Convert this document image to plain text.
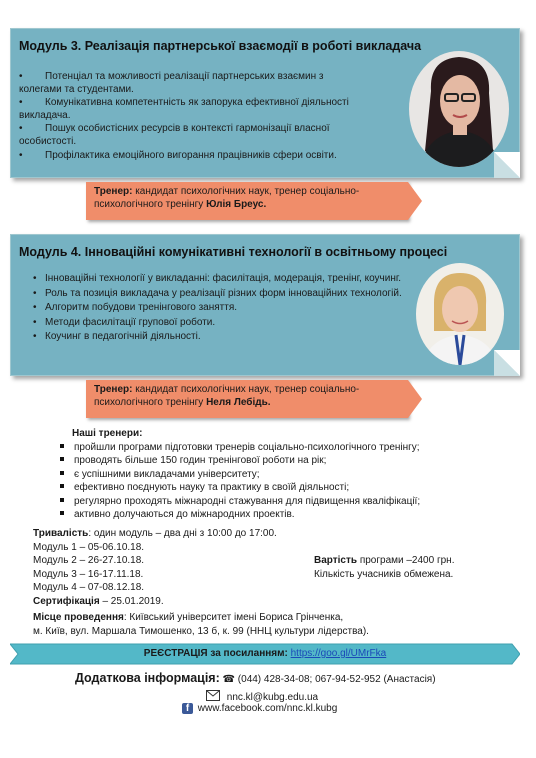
Модуль 3. Реалізація партнерської взаємодії в роботі викладача
• Потенціал та можливості реалізації партнерських взаємин з колегами та студентами.
• Комунікативна компетентність як запорука ефективної діяльності викладача.
• Пошук особистісних ресурсів в контексті гармонізації власної особистості.
• Профілактика емоційного вигорання працівників сфери освіти.
Тренер: кандидат психологічних наук, тренер соціально-психологічного тренінгу Юлія Бреус.
Модуль 4. Інноваційні комунікативні технології в освітньому процесі
• Інноваційні технології у викладанні: фасилітація, модерація, тренінг, коучинг.
• Роль та позиція викладача у реалізації різних форм інноваційних технологій.
• Алгоритм побудови тренінгового заняття.
• Методи фасилітації групової роботи.
• Коучинг в педагогічній діяльності.
Тренер: кандидат психологічних наук, тренер соціально-психологічного тренінгу Неля Лебідь.
Наші тренери:
пройшли програми підготовки тренерів соціально-психологічного тренінгу;
проводять більше 150 годин тренінгової роботи на рік;
є успішними викладачами університету;
ефективно поєднують науку та практику в своїй діяльності;
регулярно проходять міжнародні стажування для підвищення кваліфікації;
активно долучаються до міжнародних проектів.
Тривалість: один модуль – два дні з 10:00 до 17:00.
Модуль 1 – 05-06.10.18.
Модуль 2 – 26-27.10.18.
Модуль 3 – 16-17.11.18.
Модуль 4 – 07-08.12.18.
Сертифікація – 25.01.2019.
Вартість програми –2400 грн.
Кількість учасників обмежена.
Місце проведення: Київський університет імені Бориса Грінченка,
м. Київ, вул. Маршала Тимошенко, 13 б, к. 99 (ННЦ культури лідерства).
РЕЄСТРАЦІЯ за посиланням: https://goo.gl/UMrFka
Додаткова інформація: ☎ (044) 428-34-08; 067-94-52-952 (Анастасія)
nnc.kl@kubg.edu.ua
f www.facebook.com/nnc.kl.kubg
